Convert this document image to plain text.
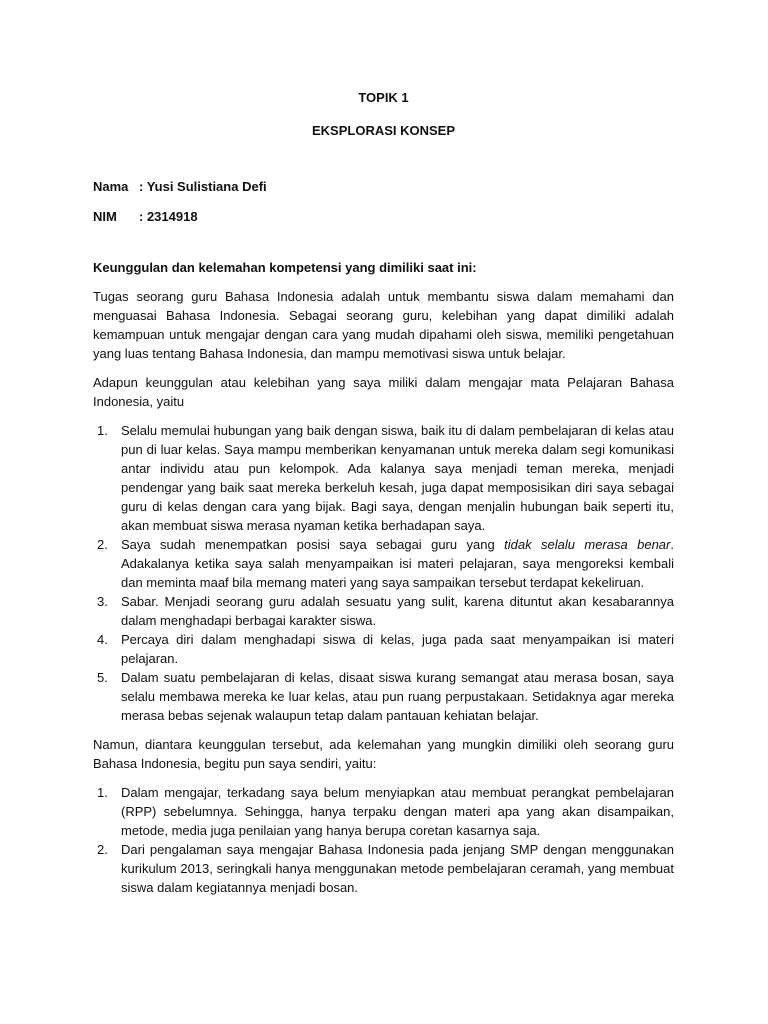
TOPIK 1
EKSPLORASI KONSEP
Nama : Yusi Sulistiana Defi
NIM	: 2314918
Keunggulan dan kelemahan kompetensi yang dimiliki saat ini:

Tugas seorang guru Bahasa Indonesia adalah untuk membantu siswa dalam memahami dan menguasai Bahasa Indonesia. Sebagai seorang guru, kelebihan yang dapat dimiliki adalah kemampuan untuk mengajar dengan cara yang mudah dipahami oleh siswa, memiliki pengetahuan yang luas tentang Bahasa Indonesia, dan mampu memotivasi siswa untuk belajar.

Adapun keunggulan atau kelebihan yang saya miliki dalam mengajar mata Pelajaran Bahasa Indonesia, yaitu

1. Selalu memulai hubungan yang baik dengan siswa, baik itu di dalam pembelajaran di kelas atau pun di luar kelas. Saya mampu memberikan kenyamanan untuk mereka dalam segi komunikasi antar individu atau pun kelompok. Ada kalanya saya menjadi teman mereka, menjadi pendengar yang baik saat mereka berkeluh kesah, juga dapat memposisikan diri saya sebagai guru di kelas dengan cara yang bijak. Bagi saya, dengan menjalin hubungan baik seperti itu, akan membuat siswa merasa nyaman ketika berhadapan saya.
2. Saya sudah menempatkan posisi saya sebagai guru yang tidak selalu merasa benar. Adakalanya ketika saya salah menyampaikan isi materi pelajaran, saya mengoreksi kembali dan meminta maaf bila memang materi yang saya sampaikan tersebut terdapat kekeliruan.
3. Sabar. Menjadi seorang guru adalah sesuatu yang sulit, karena dituntut akan kesabarannya dalam menghadapi berbagai karakter siswa.
4. Percaya diri dalam menghadapi siswa di kelas, juga pada saat menyampaikan isi materi pelajaran.
5. Dalam suatu pembelajaran di kelas, disaat siswa kurang semangat atau merasa bosan, saya selalu membawa mereka ke luar kelas, atau pun ruang perpustakaan. Setidaknya agar mereka merasa bebas sejenak walaupun tetap dalam pantauan kehiatan belajar.

Namun, diantara keunggulan tersebut, ada kelemahan yang mungkin dimiliki oleh seorang guru Bahasa Indonesia, begitu pun saya sendiri, yaitu:

1. Dalam mengajar, terkadang saya belum menyiapkan atau membuat perangkat pembelajaran (RPP) sebelumnya. Sehingga, hanya terpaku dengan materi apa yang akan disampaikan, metode, media juga penilaian yang hanya berupa coretan kasarnya saja.
2. Dari pengalaman saya mengajar Bahasa Indonesia pada jenjang SMP dengan menggunakan kurikulum 2013, seringkali hanya menggunakan metode pembelajaran ceramah, yang membuat siswa dalam kegiatannya menjadi bosan.
